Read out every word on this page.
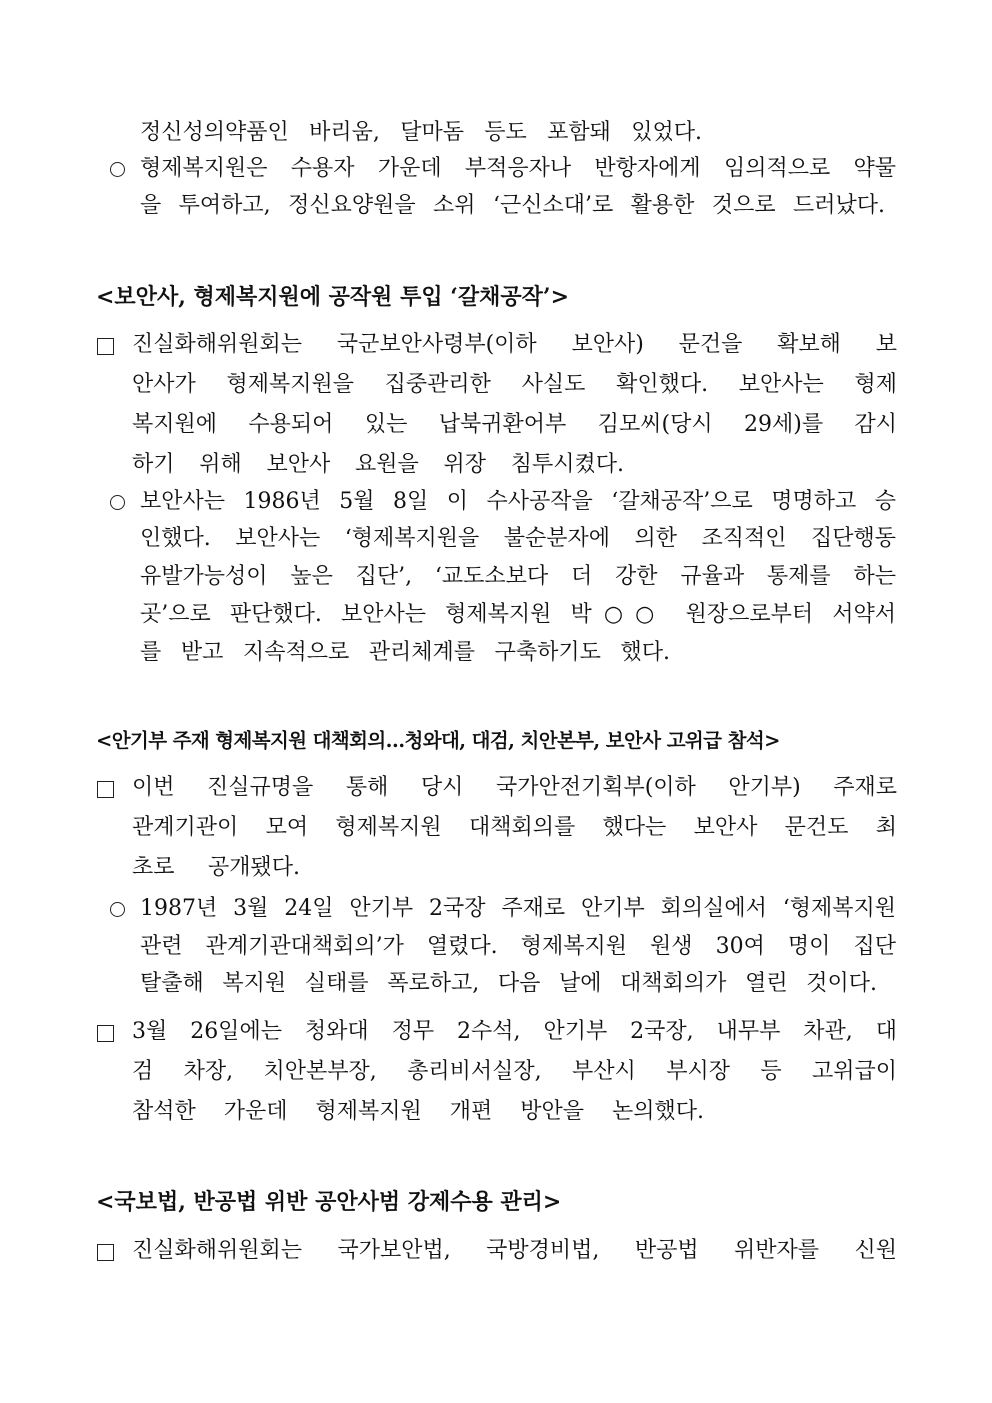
정신성의약품인 바리움, 달마돔 등도 포함돼 있었다.
형제복지원은 수용자 가운데 부적응자나 반항자에게 임의적으로 약물
을 투여하고, 정신요양원을 소위 ‘근신소대’로 활용한 것으로 드러났다.
<보안사, 형제복지원에 공작원 투입 ‘갈채공작’>
진실화해위원회는 국군보안사령부(이하 보안사) 문건을 확보해 보
안사가 형제복지원을 집중관리한 사실도 확인했다. 보안사는 형제
복지원에 수용되어 있는 납북귀환어부 김모씨(당시 29세)를 감시
하기 위해 보안사 요원을 위장 침투시켰다.
보안사는 1986년 5월 8일 이 수사공작을 ‘갈채공작’으로 명명하고 승
인했다. 보안사는 ‘형제복지원을 불순분자에 의한 조직적인 집단행동
유발가능성이 높은 집단’, ‘교도소보다 더 강한 규율과 통제를 하는
곳’으로 판단했다. 보안사는 형제복지원 박○○ 원장으로부터 서약서
를 받고 지속적으로 관리체계를 구축하기도 했다.
<안기부 주재 형제복지원 대책회의…청와대, 대검, 치안본부, 보안사 고위급 참석>
이번 진실규명을 통해 당시 국가안전기획부(이하 안기부) 주재로
관계기관이 모여 형제복지원 대책회의를 했다는 보안사 문건도 최
초로 공개됐다.
1987년 3월 24일 안기부 2국장 주재로 안기부 회의실에서 ‘형제복지원
관련 관계기관대책회의’가 열렸다. 형제복지원 원생 30여 명이 집단
탈출해 복지원 실태를 폭로하고, 다음 날에 대책회의가 열린 것이다.
3월 26일에는 청와대 정무 2수석, 안기부 2국장, 내무부 차관, 대
검 차장, 치안본부장, 총리비서실장, 부산시 부시장 등 고위급이
참석한 가운데 형제복지원 개편 방안을 논의했다.
<국보법, 반공법 위반 공안사범 강제수용 관리>
진실화해위원회는 국가보안법, 국방경비법, 반공법 위반자를 신원
